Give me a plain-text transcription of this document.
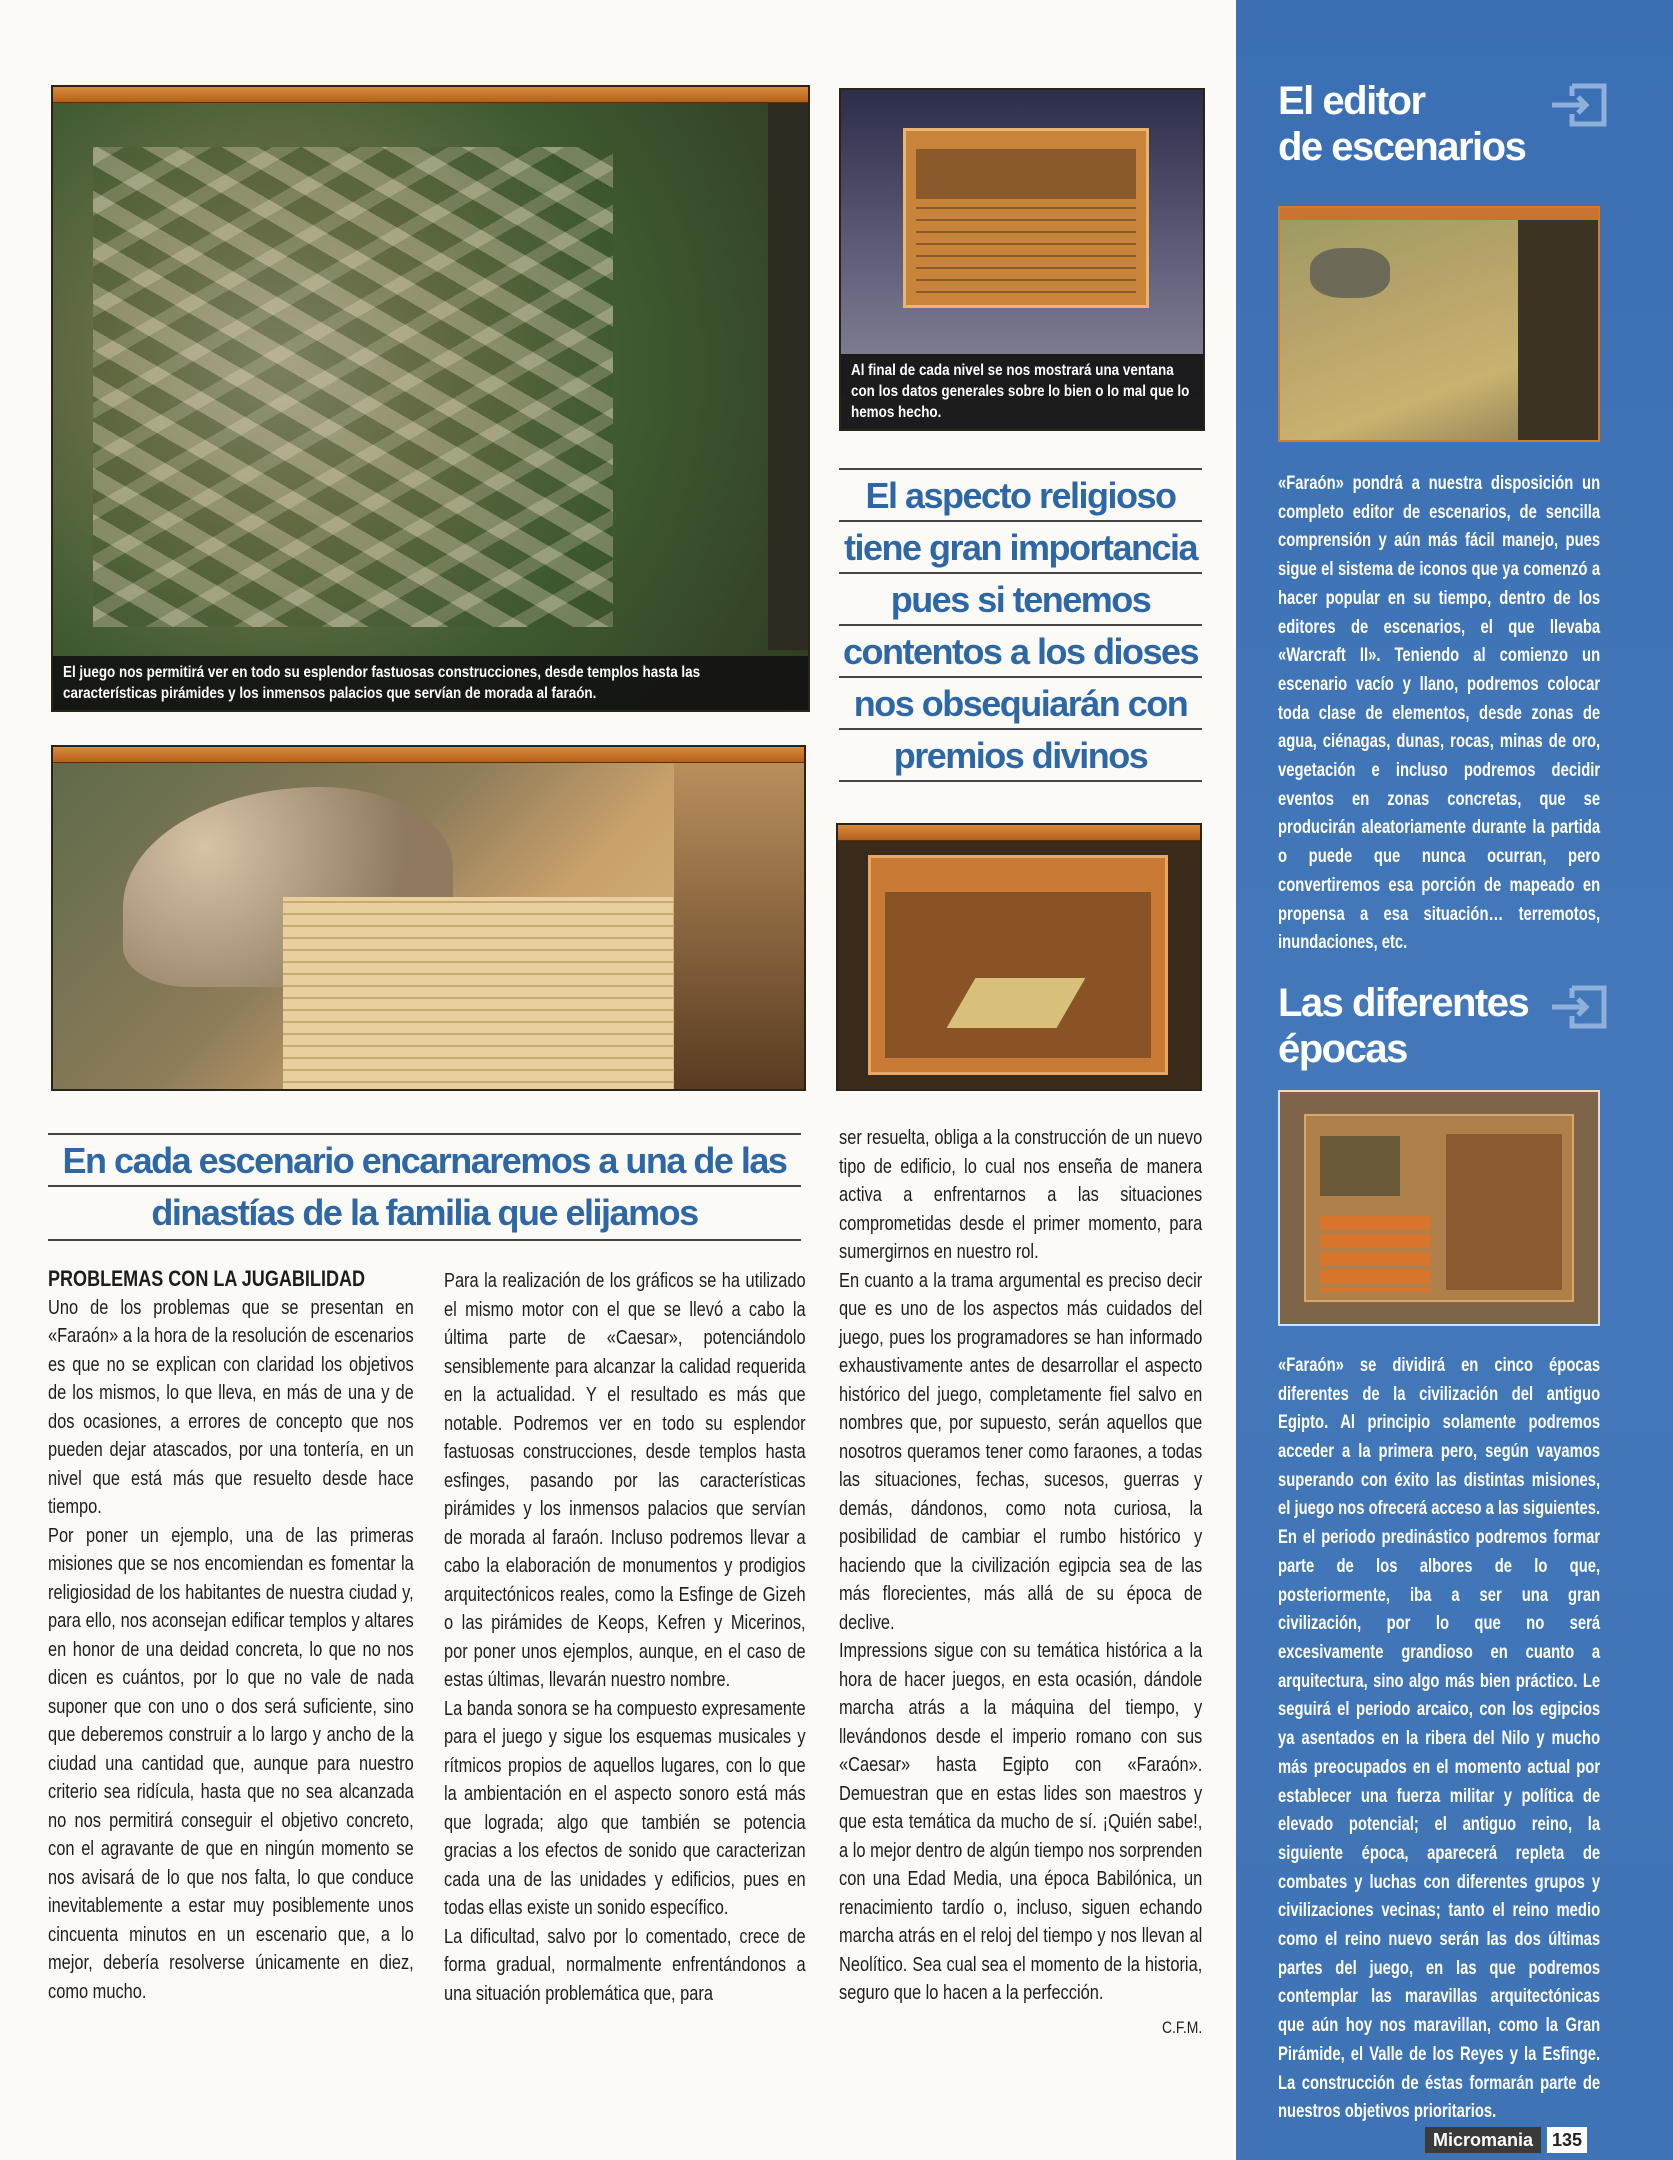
El juego nos permitirá ver en todo su esplendor fastuosas construcciones, desde templos hasta las características pirámides y los inmensos palacios que servían de morada al faraón.
Al final de cada nivel se nos mostrará una ventana con los datos generales sobre lo bien o lo mal que lo hemos hecho.
El aspecto religioso
tiene gran importancia
pues si tenemos
contentos a los dioses
nos obsequiarán con
premios divinos
En cada escenario encarnaremos a una de las
dinastías de la familia que elijamos
PROBLEMAS CON LA JUGABILIDAD

Uno de los problemas que se presentan en «Faraón» a la hora de la resolución de escenarios es que no se explican con claridad los objetivos de los mismos, lo que lleva, en más de una y de dos ocasiones, a errores de concepto que nos pueden dejar atascados, por una tontería, en un nivel que está más que resuelto desde hace tiempo.

Por poner un ejemplo, una de las primeras misiones que se nos encomiendan es fomentar la religiosidad de los habitantes de nuestra ciudad y, para ello, nos aconsejan edificar templos y altares en honor de una deidad concreta, lo que no nos dicen es cuántos, por lo que no vale de nada suponer que con uno o dos será suficiente, sino que deberemos construir a lo largo y ancho de la ciudad una cantidad que, aunque para nuestro criterio sea ridícula, hasta que no sea alcanzada no nos permitirá conseguir el objetivo concreto, con el agravante de que en ningún momento se nos avisará de lo que nos falta, lo que conduce inevitablemente a estar muy posiblemente unos cincuenta minutos en un escenario que, a lo mejor, debería resolverse únicamente en diez, como mucho.

Para la realización de los gráficos se ha utilizado el mismo motor con el que se llevó a cabo la última parte de «Caesar», potenciándolo sensiblemente para alcanzar la calidad requerida en la actualidad. Y el resultado es más que notable. Podremos ver en todo su esplendor fastuosas construcciones, desde templos hasta esfinges, pasando por las características pirámides y los inmensos palacios que servían de morada al faraón. Incluso podremos llevar a cabo la elaboración de monumentos y prodigios arquitectónicos reales, como la Esfinge de Gizeh o las pirámides de Keops, Kefren y Micerinos, por poner unos ejemplos, aunque, en el caso de estas últimas, llevarán nuestro nombre.

La banda sonora se ha compuesto expresamente para el juego y sigue los esquemas musicales y rítmicos propios de aquellos lugares, con lo que la ambientación en el aspecto sonoro está más que lograda; algo que también se potencia gracias a los efectos de sonido que caracterizan cada una de las unidades y edificios, pues en todas ellas existe un sonido específico.

La dificultad, salvo por lo comentado, crece de forma gradual, normalmente enfrentándonos a una situación problemática que, para

ser resuelta, obliga a la construcción de un nuevo tipo de edificio, lo cual nos enseña de manera activa a enfrentarnos a las situaciones comprometidas desde el primer momento, para sumergirnos en nuestro rol.

En cuanto a la trama argumental es preciso decir que es uno de los aspectos más cuidados del juego, pues los programadores se han informado exhaustivamente antes de desarrollar el aspecto histórico del juego, completamente fiel salvo en nombres que, por supuesto, serán aquellos que nosotros queramos tener como faraones, a todas las situaciones, fechas, sucesos, guerras y demás, dándonos, como nota curiosa, la posibilidad de cambiar el rumbo histórico y haciendo que la civilización egipcia sea de las más florecientes, más allá de su época de declive.

Impressions sigue con su temática histórica a la hora de hacer juegos, en esta ocasión, dándole marcha atrás a la máquina del tiempo, y llevándonos desde el imperio romano con sus «Caesar» hasta Egipto con «Faraón». Demuestran que en estas lides son maestros y que esta temática da mucho de sí. ¡Quién sabe!, a lo mejor dentro de algún tiempo nos sorprenden con una Edad Media, una época Babilónica, un renacimiento tardío o, incluso, siguen echando marcha atrás en el reloj del tiempo y nos llevan al Neolítico. Sea cual sea el momento de la historia, seguro que lo hacen a la perfección.

C.F.M.

El editor
de escenarios
«Faraón» pondrá a nuestra disposición un completo editor de escenarios, de sencilla comprensión y aún más fácil manejo, pues sigue el sistema de iconos que ya comenzó a hacer popular en su tiempo, dentro de los editores de escenarios, el que llevaba «Warcraft II». Teniendo al comienzo un escenario vacío y llano, podremos colocar toda clase de elementos, desde zonas de agua, ciénagas, dunas, rocas, minas de oro, vegetación e incluso podremos decidir eventos en zonas concretas, que se producirán aleatoriamente durante la partida o puede que nunca ocurran, pero convertiremos esa porción de mapeado en propensa a esa situación… terremotos, inundaciones, etc.
Las diferentes
épocas
«Faraón» se dividirá en cinco épocas diferentes de la civilización del antiguo Egipto. Al principio solamente podremos acceder a la primera pero, según vayamos superando con éxito las distintas misiones, el juego nos ofrecerá acceso a las siguientes. En el periodo predinástico podremos formar parte de los albores de lo que, posteriormente, iba a ser una gran civilización, por lo que no será excesivamente grandioso en cuanto a arquitectura, sino algo más bien práctico. Le seguirá el periodo arcaico, con los egipcios ya asentados en la ribera del Nilo y mucho más preocupados en el momento actual por establecer una fuerza militar y política de elevado potencial; el antiguo reino, la siguiente época, aparecerá repleta de combates y luchas con diferentes grupos y civilizaciones vecinas; tanto el reino medio como el reino nuevo serán las dos últimas partes del juego, en las que podremos contemplar las maravillas arquitectónicas que aún hoy nos maravillan, como la Gran Pirámide, el Valle de los Reyes y la Esfinge. La construcción de éstas formarán parte de nuestros objetivos prioritarios.
Micromania	135
